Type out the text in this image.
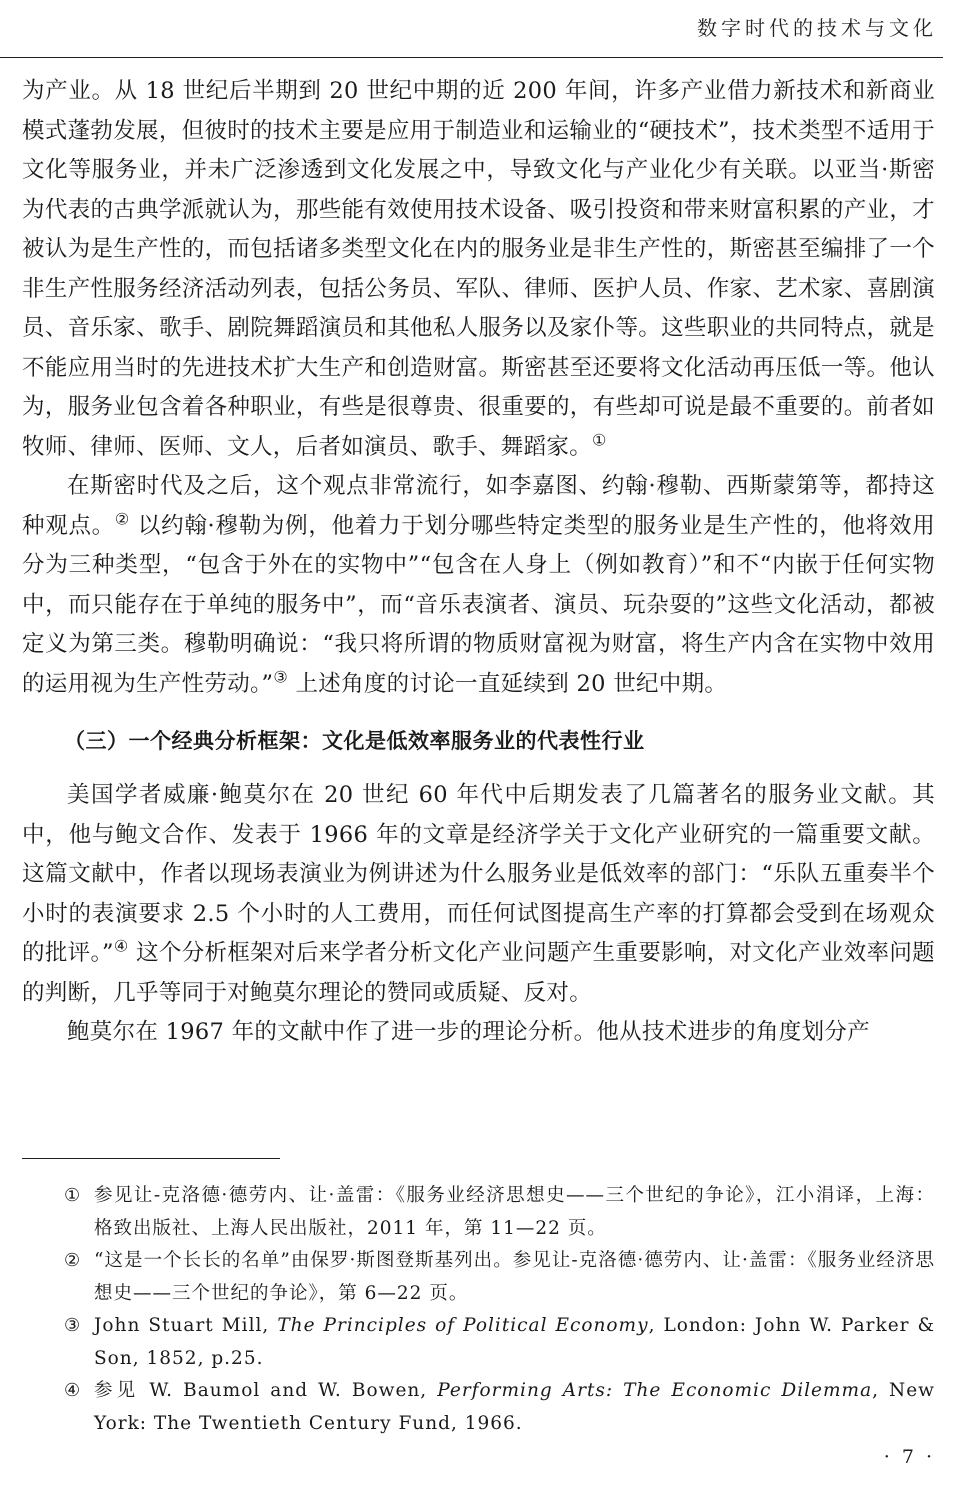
数字时代的技术与文化

为产业。从 18 世纪后半期到 20 世纪中期的近 200 年间，许多产业借力新技术和新商业模式蓬勃发展，但彼时的技术主要是应用于制造业和运输业的“硬技术”，技术类型不适用于文化等服务业，并未广泛渗透到文化发展之中，导致文化与产业化少有关联。以亚当·斯密为代表的古典学派就认为，那些能有效使用技术设备、吸引投资和带来财富积累的产业，才被认为是生产性的，而包括诸多类型文化在内的服务业是非生产性的，斯密甚至编排了一个非生产性服务经济活动列表，包括公务员、军队、律师、医护人员、作家、艺术家、喜剧演员、音乐家、歌手、剧院舞蹈演员和其他私人服务以及家仆等。这些职业的共同特点，就是不能应用当时的先进技术扩大生产和创造财富。斯密甚至还要将文化活动再压低一等。他认为，服务业包含着各种职业，有些是很尊贵、很重要的，有些却可说是最不重要的。前者如牧师、律师、医师、文人，后者如演员、歌手、舞蹈家。①

在斯密时代及之后，这个观点非常流行，如李嘉图、约翰·穆勒、西斯蒙第等，都持这种观点。② 以约翰·穆勒为例，他着力于划分哪些特定类型的服务业是生产性的，他将效用分为三种类型，“包含于外在的实物中”“包含在人身上（例如教育）”和不“内嵌于任何实物中，而只能存在于单纯的服务中”，而“音乐表演者、演员、玩杂耍的”这些文化活动，都被定义为第三类。穆勒明确说：“我只将所谓的物质财富视为财富，将生产内含在实物中效用的运用视为生产性劳动。”③ 上述角度的讨论一直延续到 20 世纪中期。

（三）一个经典分析框架：文化是低效率服务业的代表性行业

美国学者威廉·鲍莫尔在 20 世纪 60 年代中后期发表了几篇著名的服务业文献。其中，他与鲍文合作、发表于 1966 年的文章是经济学关于文化产业研究的一篇重要文献。这篇文献中，作者以现场表演业为例讲述为什么服务业是低效率的部门：“乐队五重奏半个小时的表演要求 2.5 个小时的人工费用，而任何试图提高生产率的打算都会受到在场观众的批评。”④ 这个分析框架对后来学者分析文化产业问题产生重要影响，对文化产业效率问题的判断，几乎等同于对鲍莫尔理论的赞同或质疑、反对。

鲍莫尔在 1967 年的文献中作了进一步的理论分析。他从技术进步的角度划分产

① 参见让-克洛德·德劳内、让·盖雷：《服务业经济思想史——三个世纪的争论》，江小涓译，上海：格致出版社、上海人民出版社，2011 年，第 11—22 页。
② “这是一个长长的名单”由保罗·斯图登斯基列出。参见让-克洛德·德劳内、让·盖雷：《服务业经济思想史——三个世纪的争论》，第 6—22 页。
③ John Stuart Mill, The Principles of Political Economy, London: John W. Parker & Son, 1852, p.25.
④ 参见 W. Baumol and W. Bowen, Performing Arts: The Economic Dilemma, New York: The Twentieth Century Fund, 1966.
· 7 ·
